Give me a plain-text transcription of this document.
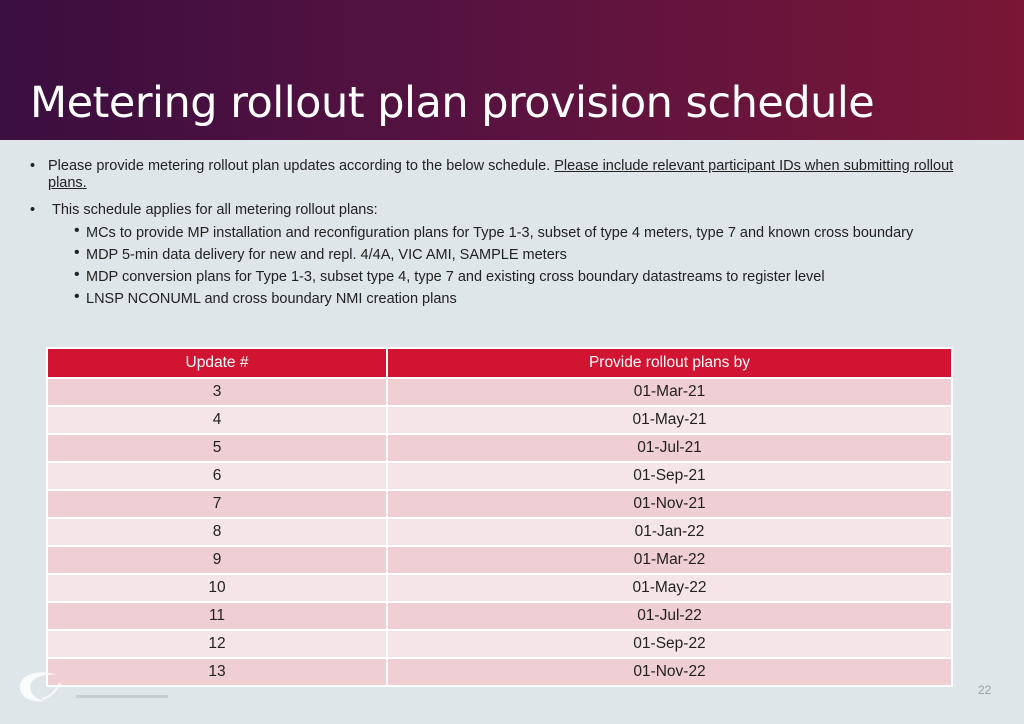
Metering rollout plan provision schedule
• Please provide metering rollout plan updates according to the below schedule. Please include relevant participant IDs when submitting rollout plans.
• This schedule applies for all metering rollout plans:
• MCs to provide MP installation and reconfiguration plans for Type 1-3, subset of type 4 meters, type 7 and known cross boundary
• MDP 5-min data delivery for new and repl. 4/4A, VIC AMI, SAMPLE meters
• MDP conversion plans for Type 1-3, subset type 4, type 7 and existing cross boundary datastreams to register level
• LNSP NCONUML and cross boundary NMI creation plans
Update #	Provide rollout plans by
3	01-Mar-21
4	01-May-21
5	01-Jul-21
6	01-Sep-21
7	01-Nov-21
8	01-Jan-22
9	01-Mar-22
10	01-May-22
11	01-Jul-22
12	01-Sep-22
13	01-Nov-22
22
